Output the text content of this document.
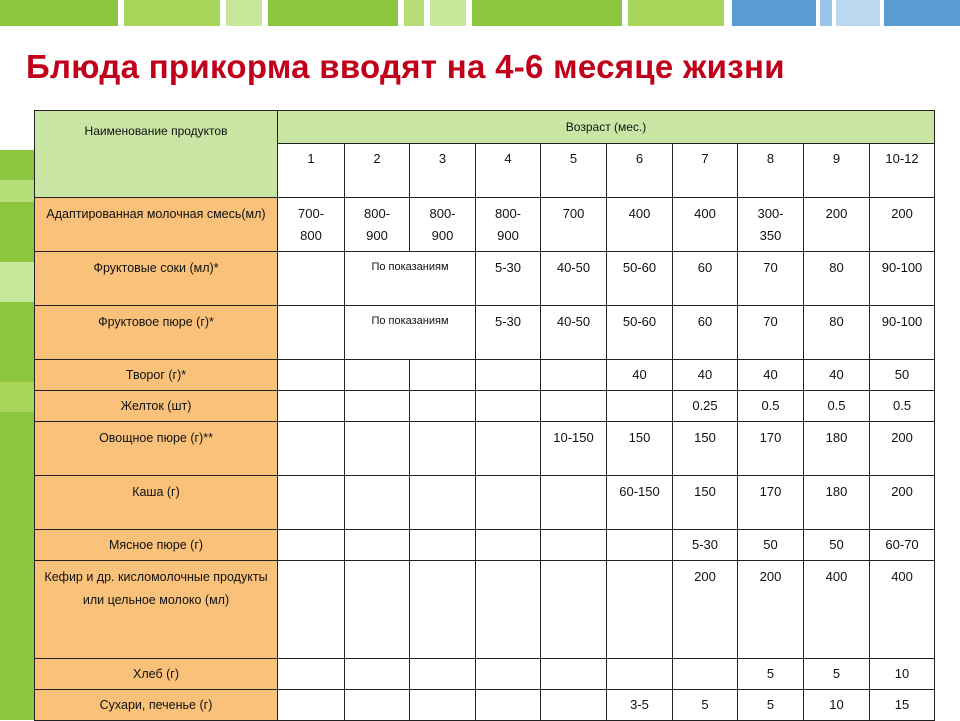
Блюда прикорма вводят на 4-6 месяце жизни
Наименование продуктов	Возраст (мес.)									
	1	2	3	4	5	6	7	8	9	10-12
Адаптированная молочная смесь(мл)	700-800	800-900	800-900	800-900	700	400	400	300-350	200	200
Фруктовые соки (мл)*		По показаниям		5-30	40-50	50-60	60	70	80	90-100
Фруктовое пюре (г)*		По показаниям		5-30	40-50	50-60	60	70	80	90-100
Творог (г)*						40	40	40	40	50
Желток (шт)							0.25	0.5	0.5	0.5
Овощное пюре (г)**					10-150	150	150	170	180	200
Каша (г)						60-150	150	170	180	200
Мясное пюре (г)							5-30	50	50	60-70
Кефир и др. кисломолочные продукты или цельное молоко (мл)							200	200	400	400
Хлеб (г)								5	5	10
Сухари, печенье (г)						3-5	5	5	10	15
